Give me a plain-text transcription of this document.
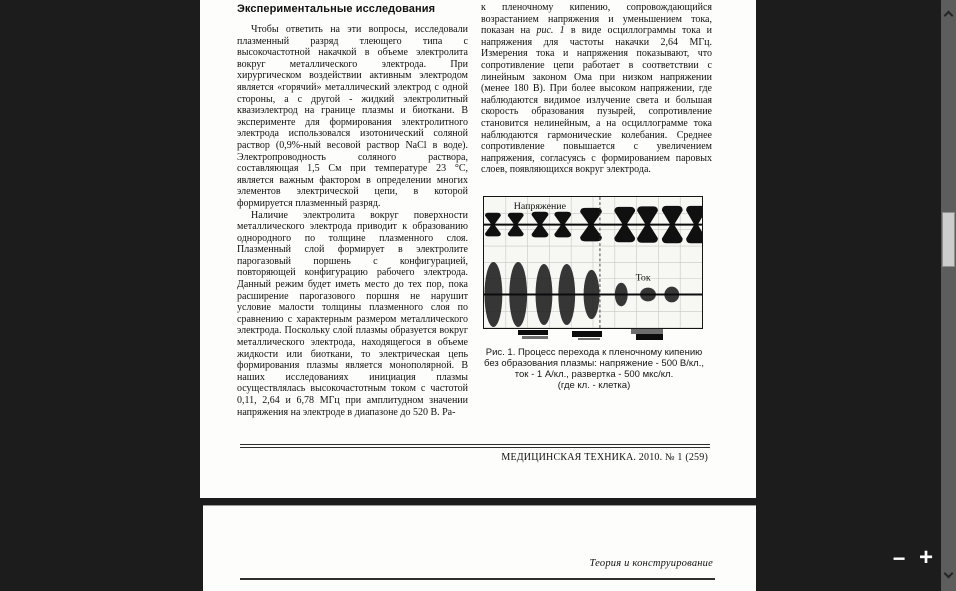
Экспериментальные исследования

Чтобы ответить на эти вопросы, исследовали плазменный разряд тлеющего типа с высокочастотной накачкой в объеме электролита вокруг металлического электрода. При хирургическом воздействии активным электродом является «горячий» металлический электрод с одной стороны, а с другой - жидкий электролитный квазиэлектрод на границе плазмы и биоткани. В эксперименте для формирования электролитного электрода использовался изотонический соляной раствор (0,9%-ный весовой раствор NaCl в воде). Электропроводность соляного раствора, составляющая 1,5 См при температуре 23 °С, является важным фактором в определении многих элементов электрической цепи, в которой формируется плазменный разряд.

Наличие электролита вокруг поверхности металлического электрода приводит к образованию однородного по толщине плазменного слоя. Плазменный слой формирует в электролите парогазовый поршень с конфигурацией, повторяющей конфигурацию рабочего электрода. Данный режим будет иметь место до тех пор, пока расширение парогазового поршня не нарушит условие малости толщины плазменного слоя по сравнению с характерным размером металлического электрода. Поскольку слой плазмы образуется вокруг металлического электрода, находящегося в объеме жидкости или биоткани, то электрическая цепь формирования плазмы является монополярной. В наших исследованиях инициация плазмы осуществлялась высокочастотным током с частотой 0,11, 2,64 и 6,78 МГц при амплитудном значении напряжения на электроде в диапазоне до 520 В. Ра-

к пленочному кипению, сопровождающийся возрастанием напряжения и уменьшением тока, показан на рис. 1 в виде осциллограммы тока и напряжения для частоты накачки 2,64 МГц. Измерения тока и напряжения показывают, что сопротивление цепи работает в соответствии с линейным законом Ома при низком напряжении (менее 180 В). При более высоком напряжении, где наблюдаются видимое излучение света и большая скорость образования пузырей, сопротивление становится нелинейным, а на осциллограмме тока наблюдаются гармонические колебания. Среднее сопротивление повышается с увеличением напряжения, согласуясь с формированием паровых слоев, появляющихся вокруг электрода.

Напряжение
Ток
Рис. 1. Процесс перехода к пленочному кипению
без образования плазмы: напряжение - 500 В/кл.,
ток - 1 А/кл., развертка - 500 мкс/кл.
(где кл. - клетка)
МЕДИЦИНСКАЯ ТЕХНИКА. 2010. № 1 (259)
Теория и конструирование	− +
